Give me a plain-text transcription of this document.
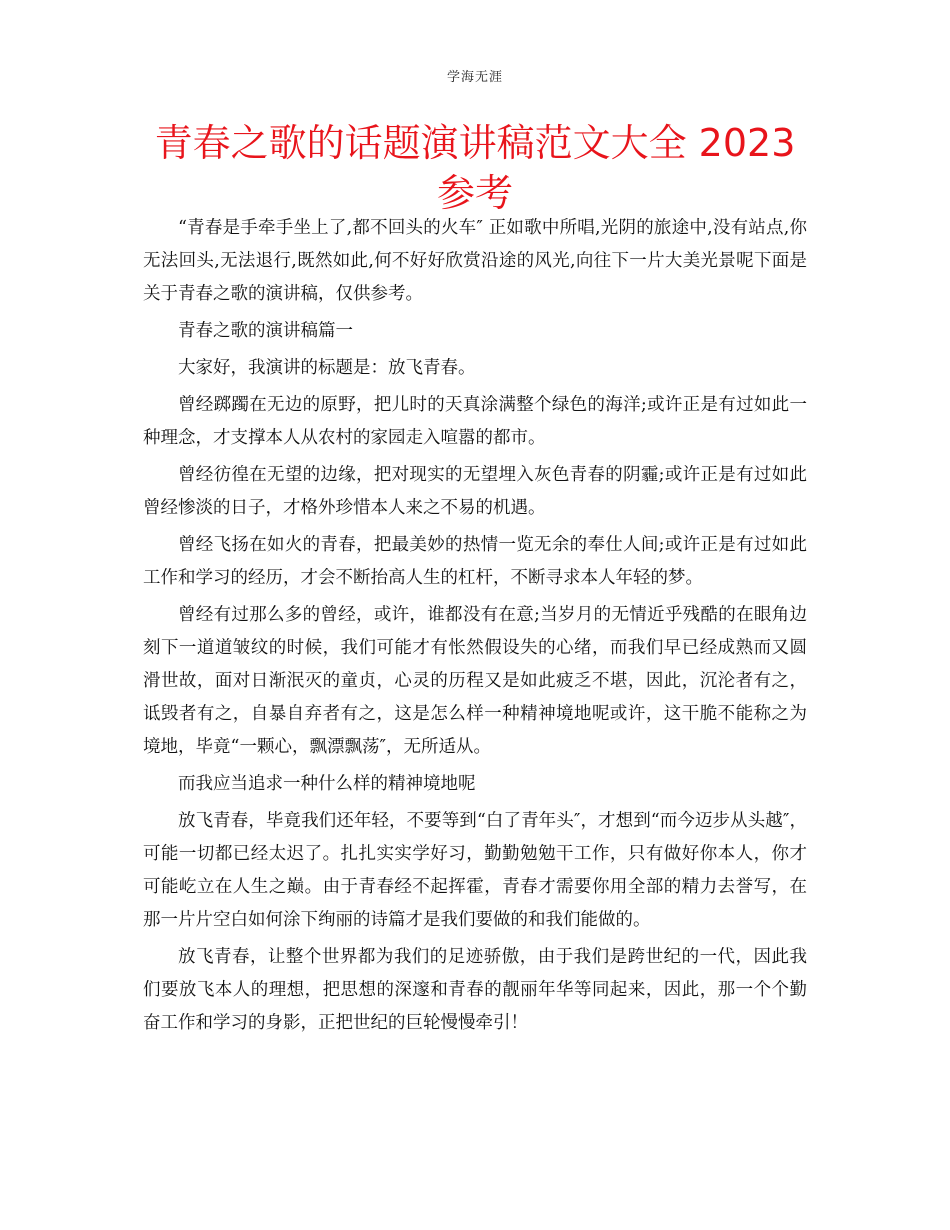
学海无涯
青春之歌的话题演讲稿范文大全 2023 参考

“青春是手牵手坐上了,都不回头的火车″ 正如歌中所唱,光阴的旅途中,没有站点,你无法回头,无法退行,既然如此,何不好好欣赏沿途的风光,向往下一片大美光景呢下面是关于青春之歌的演讲稿，仅供参考。

青春之歌的演讲稿篇一

大家好，我演讲的标题是：放飞青春。

曾经踯躅在无边的原野，把儿时的天真涂满整个绿色的海洋;或许正是有过如此一种理念，才支撑本人从农村的家园走入喧嚣的都市。

曾经彷徨在无望的边缘，把对现实的无望埋入灰色青春的阴霾;或许正是有过如此曾经惨淡的日子，才格外珍惜本人来之不易的机遇。

曾经飞扬在如火的青春，把最美妙的热情一览无余的奉仕人间;或许正是有过如此工作和学习的经历，才会不断抬高人生的杠杆，不断寻求本人年轻的梦。

曾经有过那么多的曾经，或许，谁都没有在意;当岁月的无情近乎残酷的在眼角边刻下一道道皱纹的时候，我们可能才有怅然假设失的心绪，而我们早已经成熟而又圆滑世故，面对日渐泯灭的童贞，心灵的历程又是如此疲乏不堪，因此，沉沦者有之，诋毁者有之，自暴自弃者有之，这是怎么样一种精神境地呢或许，这干脆不能称之为境地，毕竟“一颗心，飘漂飘荡″，无所适从。

而我应当追求一种什么样的精神境地呢

放飞青春，毕竟我们还年轻，不要等到“白了青年头″，才想到“而今迈步从头越″，可能一切都已经太迟了。扎扎实实学好习，勤勤勉勉干工作，只有做好你本人，你才可能屹立在人生之巅。由于青春经不起挥霍，青春才需要你用全部的精力去誉写，在那一片片空白如何涂下绚丽的诗篇才是我们要做的和我们能做的。

放飞青春，让整个世界都为我们的足迹骄傲，由于我们是跨世纪的一代，因此我们要放飞本人的理想，把思想的深邃和青春的靓丽年华等同起来，因此，那一个个勤奋工作和学习的身影，正把世纪的巨轮慢慢牵引！
